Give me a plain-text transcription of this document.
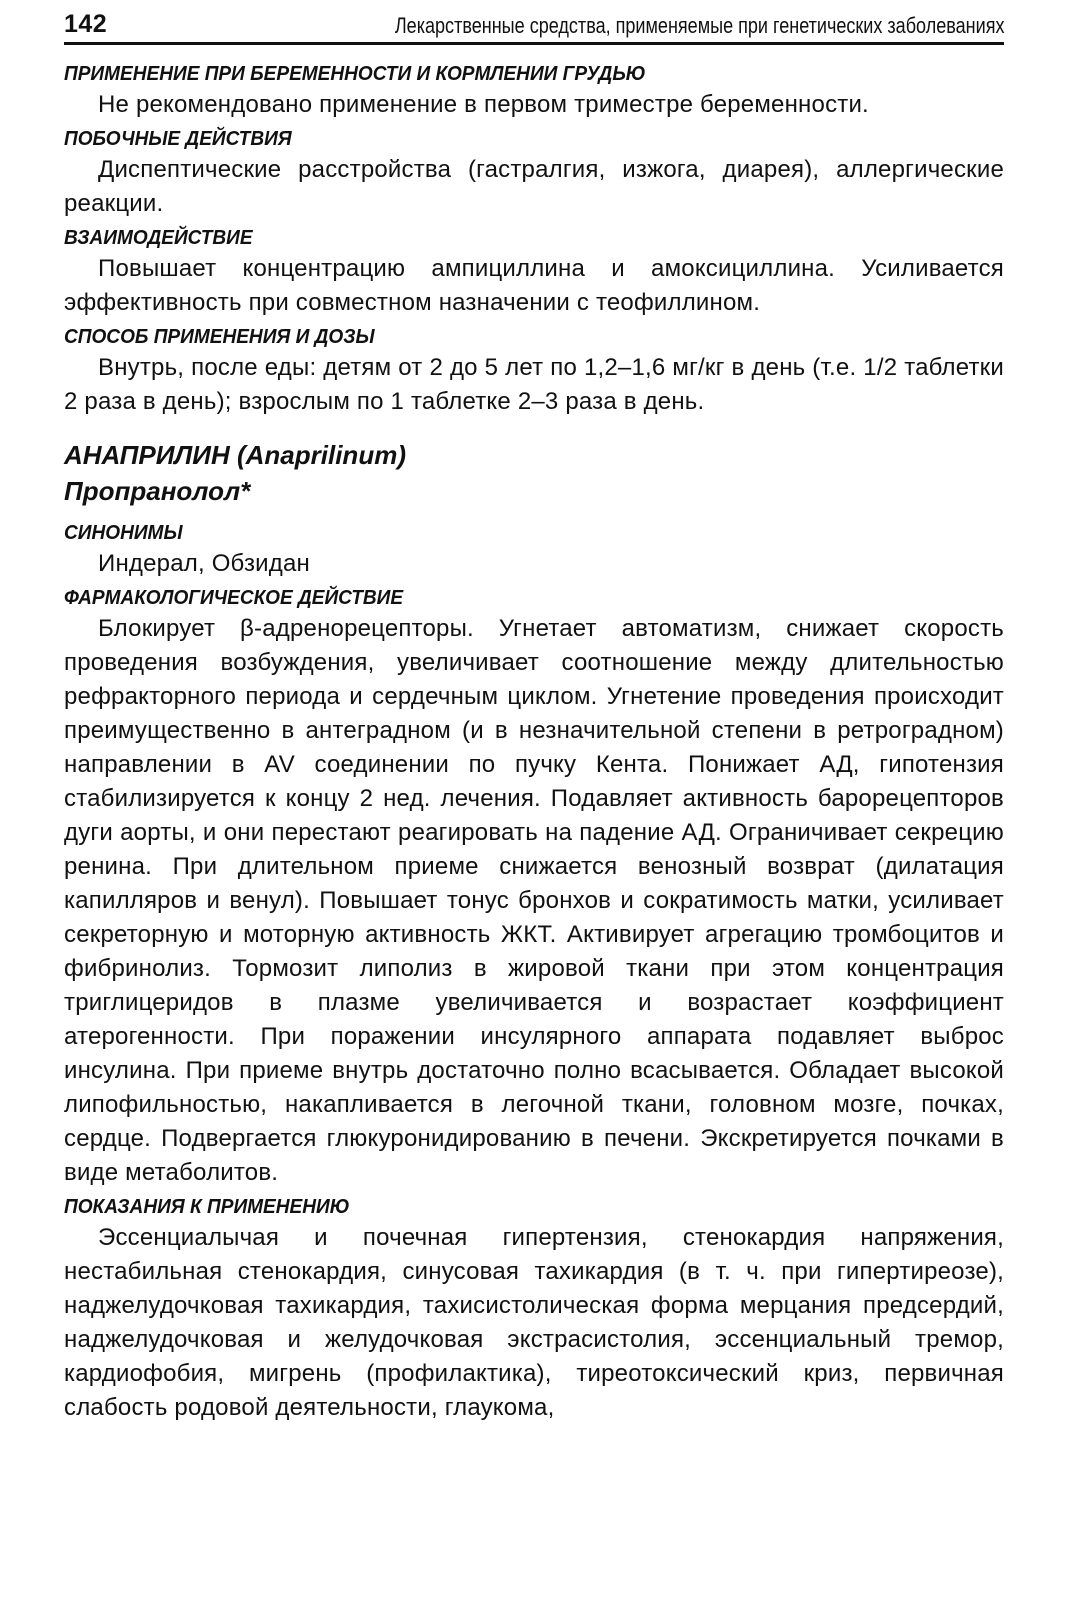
142	Лекарственные средства, применяемые при генетических заболеваниях

ПРИМЕНЕНИЕ ПРИ БЕРЕМЕННОСТИ И КОРМЛЕНИИ ГРУДЬЮ

Не рекомендовано применение в первом триместре беременности.

ПОБОЧНЫЕ ДЕЙСТВИЯ

Диспептические расстройства (гастралгия, изжога, диарея), аллергические реакции.

ВЗАИМОДЕЙСТВИЕ

Повышает концентрацию ампициллина и амоксициллина. Усиливается эффективность при совместном назначении с теофиллином.

СПОСОБ ПРИМЕНЕНИЯ И ДОЗЫ

Внутрь, после еды: детям от 2 до 5 лет по 1,2–1,6 мг/кг в день (т.е. 1/2 таблетки 2 раза в день); взрослым по 1 таблетке 2–3 раза в день.

АНАПРИЛИН (Anaprilinum)

Пропранолол*

СИНОНИМЫ

Индерал, Обзидан

ФАРМАКОЛОГИЧЕСКОЕ ДЕЙСТВИЕ

Блокирует β-адренорецепторы. Угнетает автоматизм, снижает скорость проведения возбуждения, увеличивает соотношение между длительностью рефракторного периода и сердечным циклом. Угнетение проведения происходит преимущественно в антеградном (и в незначительной степени в ретроградном) направлении в AV соединении по пучку Кента. Понижает АД, гипотензия стабилизируется к концу 2 нед. лечения. Подавляет активность барорецепторов дуги аорты, и они перестают реагировать на падение АД. Ограничивает секрецию ренина. При длительном приеме снижается венозный возврат (дилатация капилляров и венул). Повышает тонус бронхов и сократимость матки, усиливает секреторную и моторную активность ЖКТ. Активирует агрегацию тромбоцитов и фибринолиз. Тормозит липолиз в жировой ткани при этом концентрация триглицеридов в плазме увеличивается и возрастает коэффициент атерогенности. При поражении инсулярного аппарата подавляет выброс инсулина. При приеме внутрь достаточно полно всасывается. Обладает высокой липофильностью, накапливается в легочной ткани, головном мозге, почках, сердце. Подвергается глюкуронидированию в печени. Экскретируется почками в виде метаболитов.

ПОКАЗАНИЯ К ПРИМЕНЕНИЮ

Эссенциалычая и почечная гипертензия, стенокардия напряжения, нестабильная стенокардия, синусовая тахикардия (в т. ч. при гипертиреозе), наджелудочковая тахикардия, тахисистолическая форма мерцания предсердий, наджелудочковая и желудочковая экстрасистолия, эссенциальный тремор, кардиофобия, мигрень (профилактика), тиреотоксический криз, первичная слабость родовой деятельности, глаукома,
